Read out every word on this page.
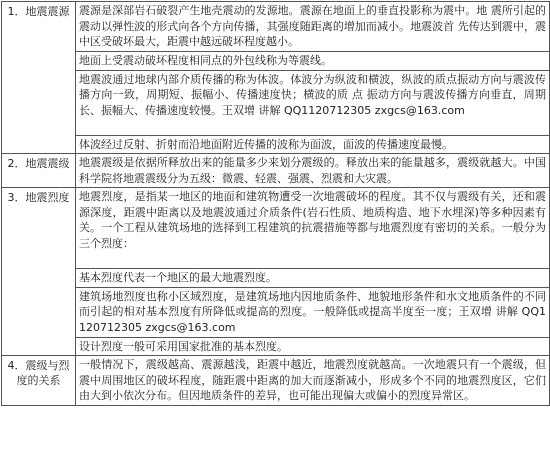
1．地震震源	震源是深部岩石破裂产生地壳震动的发源地。震源在地面上的垂直投影称为震中。地 震所引起的震动以弹性波的形式向各个方向传播，其强度随距离的增加而减小。地震波首 先传达到震中，震中区受破坏最大，距震中越远破坏程度越小。
	地面上受震动破坏程度相同点的外包线称为等震线。
	地震波通过地球内部介质传播的称为体波。体波分为纵波和横波，纵波的质点振动方向与震波传播方向一致，周期短、振幅小、传播速度快；横波的质 点 振动方向与震波传播方向垂直，周期长、振幅大、传播速度较慢。王双增 讲解 QQ1120712305 zxgcs@163.com
	体波经过反射、折射而沿地面附近传播的波称为面波，面波的传播速度最慢。
2．地震震级	地震震级是依据所释放出来的能量多少来划分震级的。释放出来的能量越多，震级就越大。中国科学院将地震震级分为五级：微震、轻震、强震、烈震和大灾震。
3．地震烈度	地震烈度，是指某一地区的地面和建筑物遭受一次地震破坏的程度。其不仅与震级有关，还和震源深度，距震中距离以及地震波通过介质条件(岩石性质、地质构造、地下水埋深)等多种因素有关。一个工程从建筑场地的选择到工程建筑的抗震措施等都与地震烈度有密切的关系。一般分为三个烈度：
	基本烈度代表一个地区的最大地震烈度。
	建筑场地烈度也称小区域烈度，是建筑场地内因地质条件、地貌地形条件和水文地质条件的不同而引起的相对基本烈度有所降低或提高的烈度。一般降低或提高半度至一度；王双增 讲解 QQ1120712305 zxgcs@163.com
	设计烈度一般可采用国家批准的基本烈度。
4．震级与烈度的关系	一般情况下，震级越高、震源越浅，距震中越近，地震烈度就越高。一次地震只有一个震级，但震中周围地区的破坏程度，随距震中距离的加大而逐渐减小，形成多个不同的地震烈度区，它们由大到小依次分布。但因地质条件的差异，也可能出现偏大或偏小的烈度异常区。
